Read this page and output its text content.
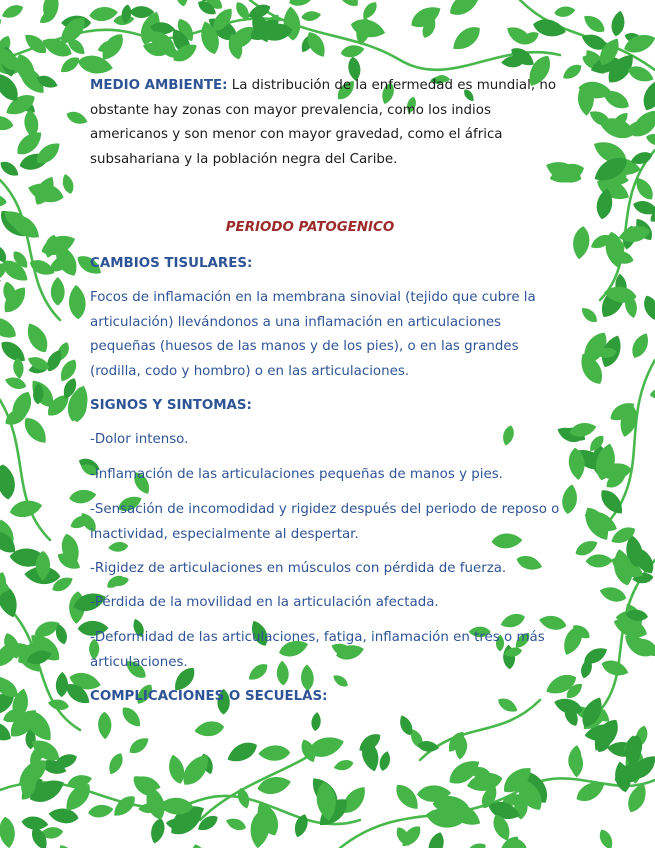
MEDIO AMBIENTE: La distribución de la enfermedad es mundial, no obstante hay zonas con mayor prevalencia, como los indios americanos y son menor con mayor gravedad, como el áfrica subsahariana y la población negra del Caribe.
PERIODO PATOGENICO
CAMBIOS TISULARES:
Focos de inflamación en la membrana sinovial (tejido que cubre la articulación) llevándonos a una inflamación en articulaciones pequeñas (huesos de las manos y de los pies), o en las grandes (rodilla, codo y hombro) o en las articulaciones.
SIGNOS Y SINTOMAS:
-Dolor intenso.
-Inflamación de las articulaciones pequeñas de manos y pies.
-Sensación de incomodidad y rigidez después del periodo de reposo o inactividad, especialmente al despertar.
-Rigidez de articulaciones en músculos con pérdida de fuerza.
-Pérdida de la movilidad en la articulación afectada.
-Deformidad de las articulaciones, fatiga, inflamación en tres o más articulaciones.
COMPLICACIONES O SECUELAS:
